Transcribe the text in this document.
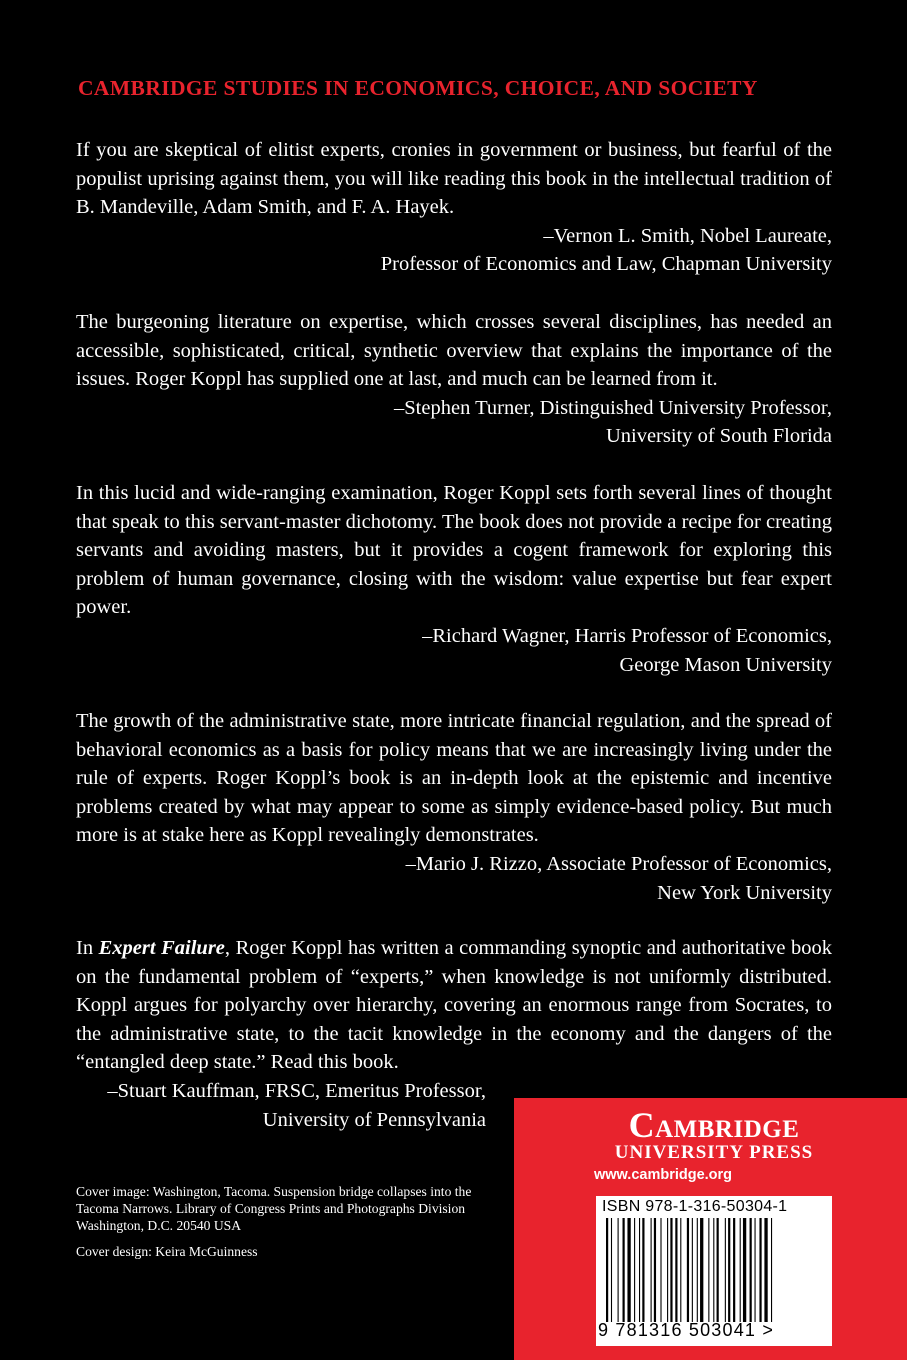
CAMBRIDGE STUDIES IN ECONOMICS, CHOICE, AND SOCIETY

If you are skeptical of elitist experts, cronies in government or business, but fearful of the populist uprising against them, you will like reading this book in the intellectual tradition of B. Mandeville, Adam Smith, and F. A. Hayek.

–Vernon L. Smith, Nobel Laureate,
Professor of Economics and Law, Chapman University

The burgeoning literature on expertise, which crosses several disciplines, has needed an accessible, sophisticated, critical, synthetic overview that explains the importance of the issues. Roger Koppl has supplied one at last, and much can be learned from it.

–Stephen Turner, Distinguished University Professor,
University of South Florida

In this lucid and wide-ranging examination, Roger Koppl sets forth several lines of thought that speak to this servant-master dichotomy. The book does not provide a recipe for creating servants and avoiding masters, but it provides a cogent framework for exploring this problem of human governance, closing with the wisdom: value expertise but fear expert power.

–Richard Wagner, Harris Professor of Economics,
George Mason University

The growth of the administrative state, more intricate financial regulation, and the spread of behavioral economics as a basis for policy means that we are increasingly living under the rule of experts. Roger Koppl’s book is an in-depth look at the epistemic and incentive problems created by what may appear to some as simply evidence-based policy. But much more is at stake here as Koppl revealingly demonstrates.

–Mario J. Rizzo, Associate Professor of Economics,
New York University

In Expert Failure, Roger Koppl has written a commanding synoptic and authoritative book on the fundamental problem of “experts,” when knowledge is not uniformly distributed. Koppl argues for polyarchy over hierarchy, covering an enormous range from Socrates, to the administrative state, to the tacit knowledge in the economy and the dangers of the “entangled deep state.” Read this book.

–Stuart Kauffman, FRSC, Emeritus Professor,
University of Pennsylvania

Cover image: Washington, Tacoma. Suspension bridge collapses into the Tacoma Narrows. Library of Congress Prints and Photographs Division Washington, D.C. 20540 USA

Cover design: Keira McGuinness

Cambridge
UNIVERSITY PRESS
www.cambridge.org
ISBN 978-1-316-50304-1
9 781316 503041 >
